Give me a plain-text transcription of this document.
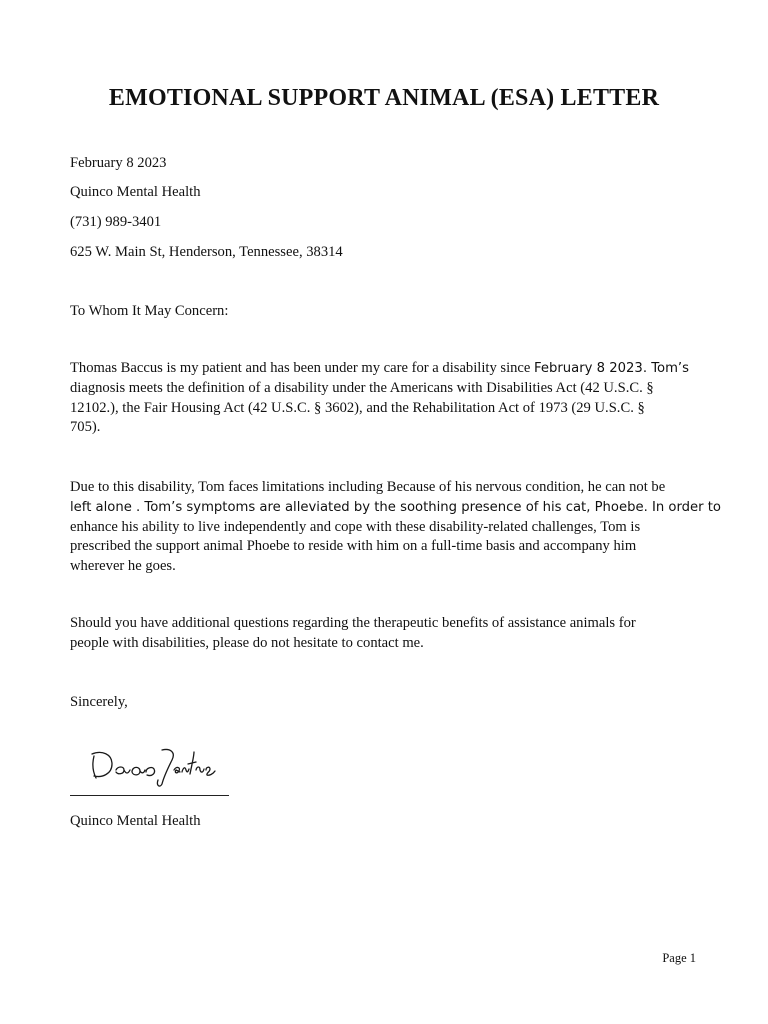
EMOTIONAL SUPPORT ANIMAL (ESA) LETTER
February 8 2023
Quinco Mental Health
(731) 989-3401
625 W. Main St, Henderson, Tennessee, 38314
To Whom It May Concern:
Thomas Baccus is my patient and has been under my care for a disability since February 8 2023. Tom’s
diagnosis meets the definition of a disability under the Americans with Disabilities Act (42 U.S.C. §
12102.), the Fair Housing Act (42 U.S.C. § 3602), and the Rehabilitation Act of 1973 (29 U.S.C. §
705).
Due to this disability, Tom faces limitations including Because of his nervous condition, he can not be
left alone . Tom’s symptoms are alleviated by the soothing presence of his cat, Phoebe. In order to
enhance his ability to live independently and cope with these disability-related challenges, Tom is
prescribed the support animal Phoebe to reside with him on a full-time basis and accompany him
wherever he goes.
Should you have additional questions regarding the therapeutic benefits of assistance animals for
people with disabilities, please do not hesitate to contact me.
Sincerely,
Quinco Mental Health
Page 1
